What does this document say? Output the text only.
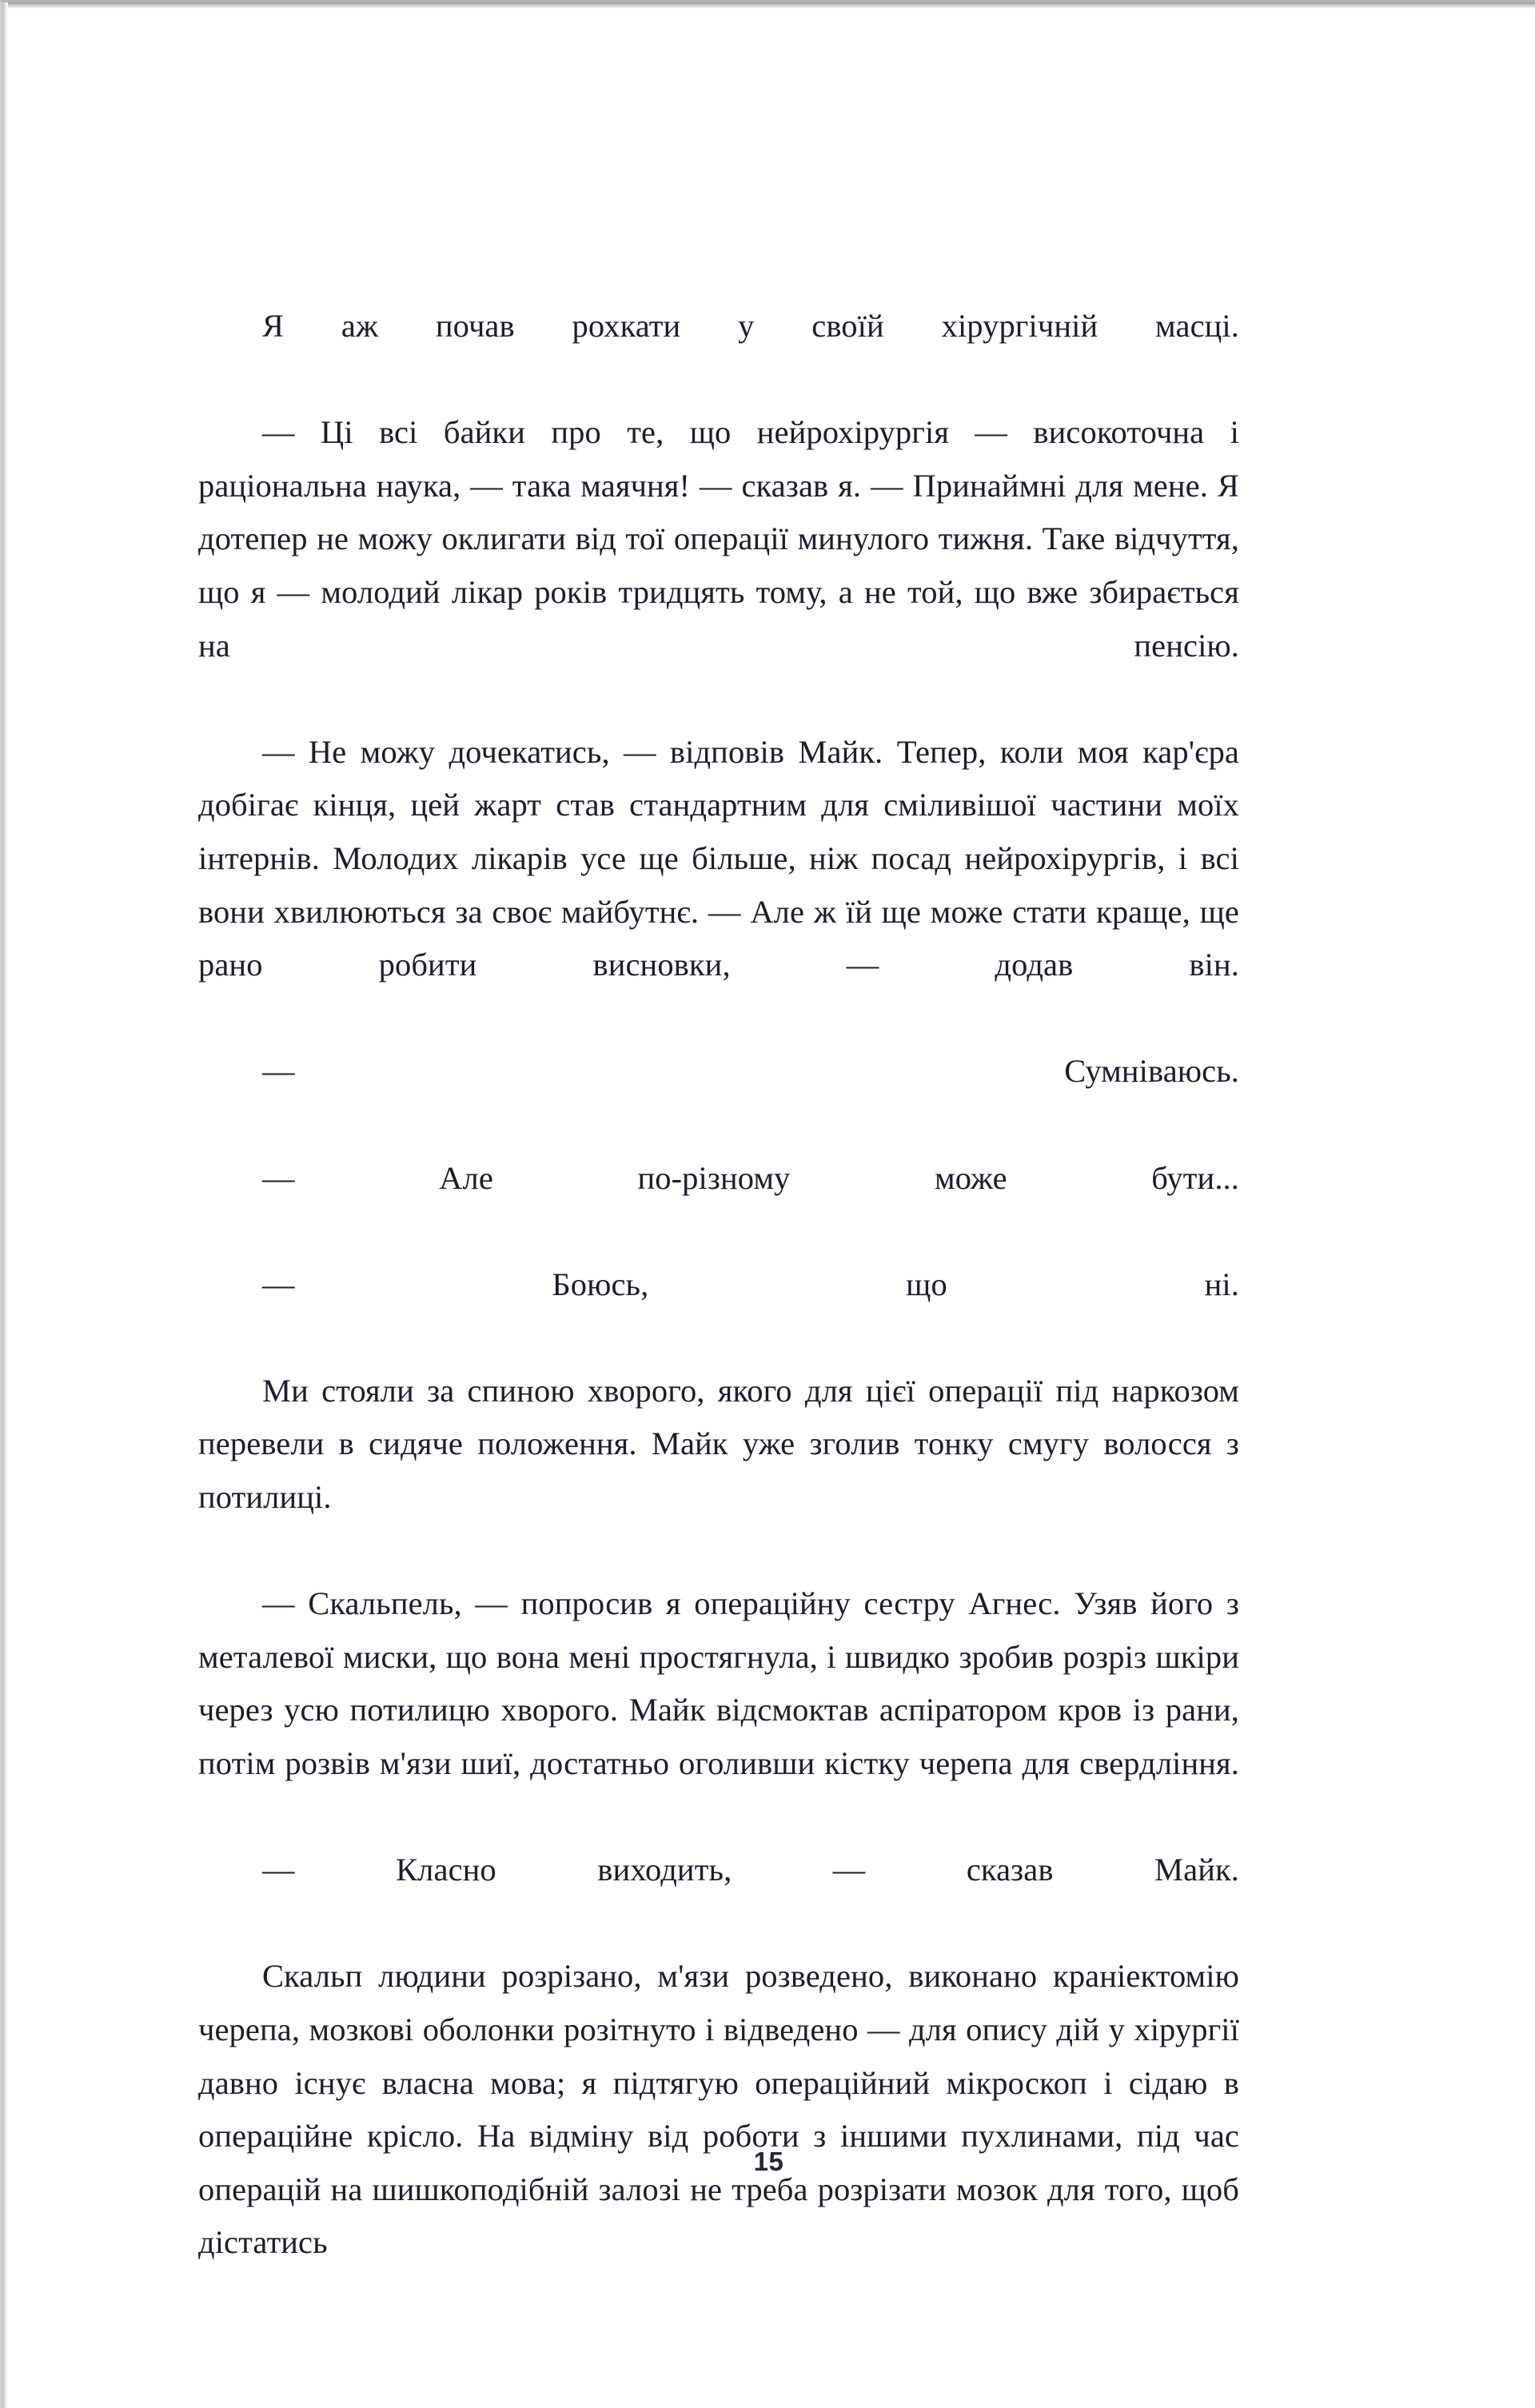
Я аж почав рохкати у своїй хірургічній масці.

— Ці всі байки про те, що нейрохірургія — високоточна і раціональна наука, — така маячня! — сказав я. — Принаймні для мене. Я дотепер не можу оклигати від тої операції минулого тижня. Таке відчуття, що я — молодий лікар років тридцять тому, а не той, що вже збирається на пенсію.

— Не можу дочекатись, — відповів Майк. Тепер, коли моя кар'єра добігає кінця, цей жарт став стандартним для сміливішої частини моїх інтернів. Молодих лікарів усе ще більше, ніж посад нейрохірургів, і всі вони хвилюються за своє майбутнє. — Але ж їй ще може стати краще, ще рано робити висновки, — додав він.

— Сумніваюсь.

— Але по-різному може бути...

— Боюсь, що ні.

Ми стояли за спиною хворого, якого для цієї операції під наркозом перевели в сидяче положення. Майк уже зголив тонку смугу волосся з потилиці.

— Скальпель, — попросив я операційну сестру Агнес. Узяв його з металевої миски, що вона мені простягнула, і швидко зробив розріз шкіри через усю потилицю хворого. Майк відсмоктав аспіратором кров із рани, потім розвів м'язи шиї, достатньо оголивши кістку черепа для свердління.

— Класно виходить, — сказав Майк.

Скальп людини розрізано, м'язи розведено, виконано краніектомію черепа, мозкові оболонки розітнуто і відведено — для опису дій у хірургії давно існує власна мова; я підтягую операційний мікроскоп і сідаю в операційне крісло. На відміну від роботи з іншими пухлинами, під час операцій на шишкоподібній залозі не треба розрізати мозок для того, щоб дістатись

15
